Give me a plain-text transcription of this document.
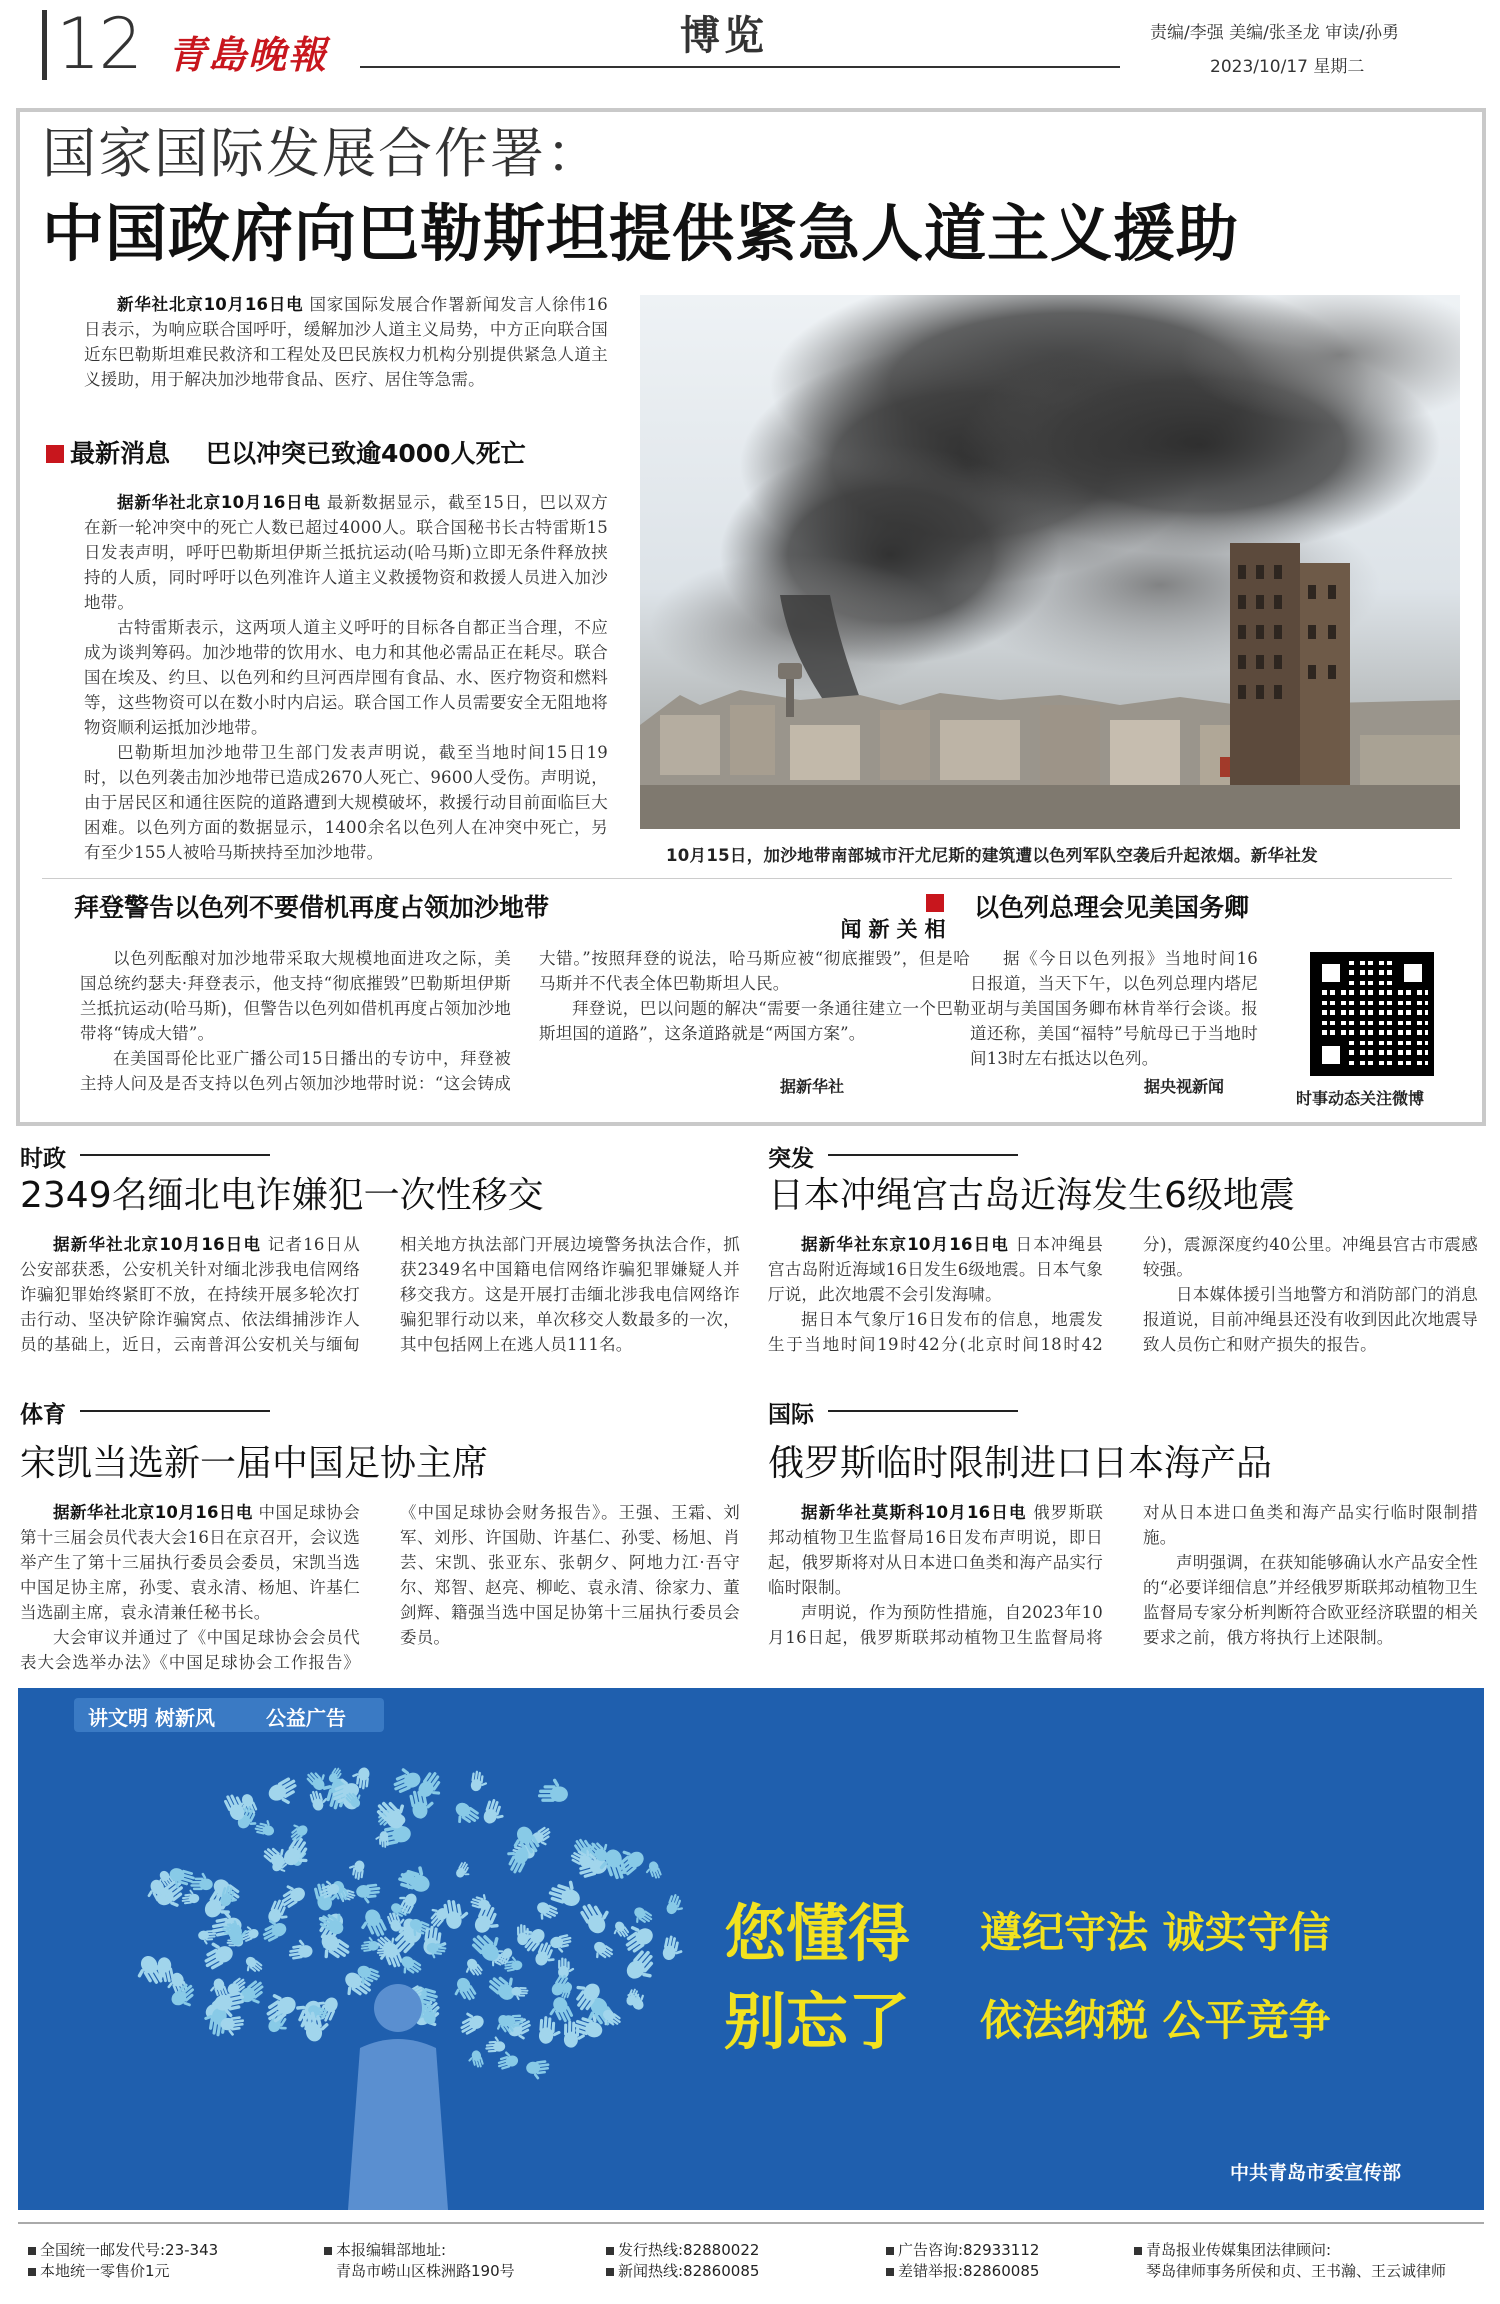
12 青島晚報	博览	责编/李强 美编/张圣龙 审读/孙勇
2023/10/17 星期二
国家国际发展合作署：
中国政府向巴勒斯坦提供紧急人道主义援助

新华社北京10月16日电 国家国际发展合作署新闻发言人徐伟16日表示，为响应联合国呼吁，缓解加沙人道主义局势，中方正向联合国近东巴勒斯坦难民救济和工程处及巴民族权力机构分别提供紧急人道主义援助，用于解决加沙地带食品、医疗、居住等急需。

最新消息 巴以冲突已致逾4000人死亡

据新华社北京10月16日电 最新数据显示，截至15日，巴以双方在新一轮冲突中的死亡人数已超过4000人。联合国秘书长古特雷斯15日发表声明，呼吁巴勒斯坦伊斯兰抵抗运动(哈马斯)立即无条件释放挟持的人质，同时呼吁以色列准许人道主义救援物资和救援人员进入加沙地带。

古特雷斯表示，这两项人道主义呼吁的目标各自都正当合理，不应成为谈判筹码。加沙地带的饮用水、电力和其他必需品正在耗尽。联合国在埃及、约旦、以色列和约旦河西岸囤有食品、水、医疗物资和燃料等，这些物资可以在数小时内启运。联合国工作人员需要安全无阻地将物资顺利运抵加沙地带。

巴勒斯坦加沙地带卫生部门发表声明说，截至当地时间15日19时，以色列袭击加沙地带已造成2670人死亡、9600人受伤。声明说，由于居民区和通往医院的道路遭到大规模破坏，救援行动目前面临巨大困难。以色列方面的数据显示，1400余名以色列人在冲突中死亡，另有至少155人被哈马斯挟持至加沙地带。	10月15日，加沙地带南部城市汗尤尼斯的建筑遭以色列军队空袭后升起浓烟。新华社发
拜登警告以色列不要借机再度占领加沙地带

以色列酝酿对加沙地带采取大规模地面进攻之际，美国总统约瑟夫·拜登表示，他支持“彻底摧毁”巴勒斯坦伊斯兰抵抗运动(哈马斯)，但警告以色列如借机再度占领加沙地带将“铸成大错”。

在美国哥伦比亚广播公司15日播出的专访中，拜登被主持人问及是否支持以色列占领加沙地带时说：“这会铸成大错。”按照拜登的说法，哈马斯应被“彻底摧毁”，但是哈马斯并不代表全体巴勒斯坦人民。

拜登说，巴以问题的解决“需要一条通往建立一个巴勒斯坦国的道路”，这条道路就是“两国方案”。

据新华社
相关新闻
以色列总理会见美国务卿

据《今日以色列报》当地时间16日报道，当天下午，以色列总理内塔尼亚胡与美国国务卿布林肯举行会谈。报道还称，美国“福特”号航母已于当地时间13时左右抵达以色列。

据央视新闻
时事动态关注微博
时政
2349名缅北电诈嫌犯一次性移交

据新华社北京10月16日电 记者16日从公安部获悉，公安机关针对缅北涉我电信网络诈骗犯罪始终紧盯不放，在持续开展多轮次打击行动、坚决铲除诈骗窝点、依法缉捕涉诈人员的基础上，近日，云南普洱公安机关与缅甸相关地方执法部门开展边境警务执法合作，抓获2349名中国籍电信网络诈骗犯罪嫌疑人并移交我方。这是开展打击缅北涉我电信网络诈骗犯罪行动以来，单次移交人数最多的一次，其中包括网上在逃人员111名。

突发
日本冲绳宫古岛近海发生6级地震

据新华社东京10月16日电 日本冲绳县宫古岛附近海域16日发生6级地震。日本气象厅说，此次地震不会引发海啸。

据日本气象厅16日发布的信息，地震发生于当地时间19时42分(北京时间18时42分)，震源深度约40公里。冲绳县宫古市震感较强。

日本媒体援引当地警方和消防部门的消息报道说，目前冲绳县还没有收到因此次地震导致人员伤亡和财产损失的报告。

体育
宋凯当选新一届中国足协主席

据新华社北京10月16日电 中国足球协会第十三届会员代表大会16日在京召开，会议选举产生了第十三届执行委员会委员，宋凯当选中国足协主席，孙雯、袁永清、杨旭、许基仁当选副主席，袁永清兼任秘书长。

大会审议并通过了《中国足球协会会员代表大会选举办法》《中国足球协会工作报告》《中国足球协会财务报告》。王强、王霜、刘军、刘彤、许国勋、许基仁、孙雯、杨旭、肖芸、宋凯、张亚东、张朝夕、阿地力江·吾守尔、郑智、赵亮、柳屹、袁永清、徐家力、董剑辉、籍强当选中国足协第十三届执行委员会委员。

国际
俄罗斯临时限制进口日本海产品

据新华社莫斯科10月16日电 俄罗斯联邦动植物卫生监督局16日发布声明说，即日起，俄罗斯将对从日本进口鱼类和海产品实行临时限制。

声明说，作为预防性措施，自2023年10月16日起，俄罗斯联邦动植物卫生监督局将对从日本进口鱼类和海产品实行临时限制措施。

声明强调，在获知能够确认水产品安全性的“必要详细信息”并经俄罗斯联邦动植物卫生监督局专家分析判断符合欧亚经济联盟的相关要求之前，俄方将执行上述限制。

讲文明 树新风	公益广告
您懂得 遵纪守法 诚实守信
别忘了 依法纳税 公平竞争
中共青岛市委宣传部
全国统一邮发代号:23-343
本地统一零售价1元
本报编辑部地址:
青岛市崂山区株洲路190号
发行热线:82880022
新闻热线:82860085
广告咨询:82933112
差错举报:82860085
青岛报业传媒集团法律顾问:
琴岛律师事务所侯和贞、王书瀚、王云诚律师
